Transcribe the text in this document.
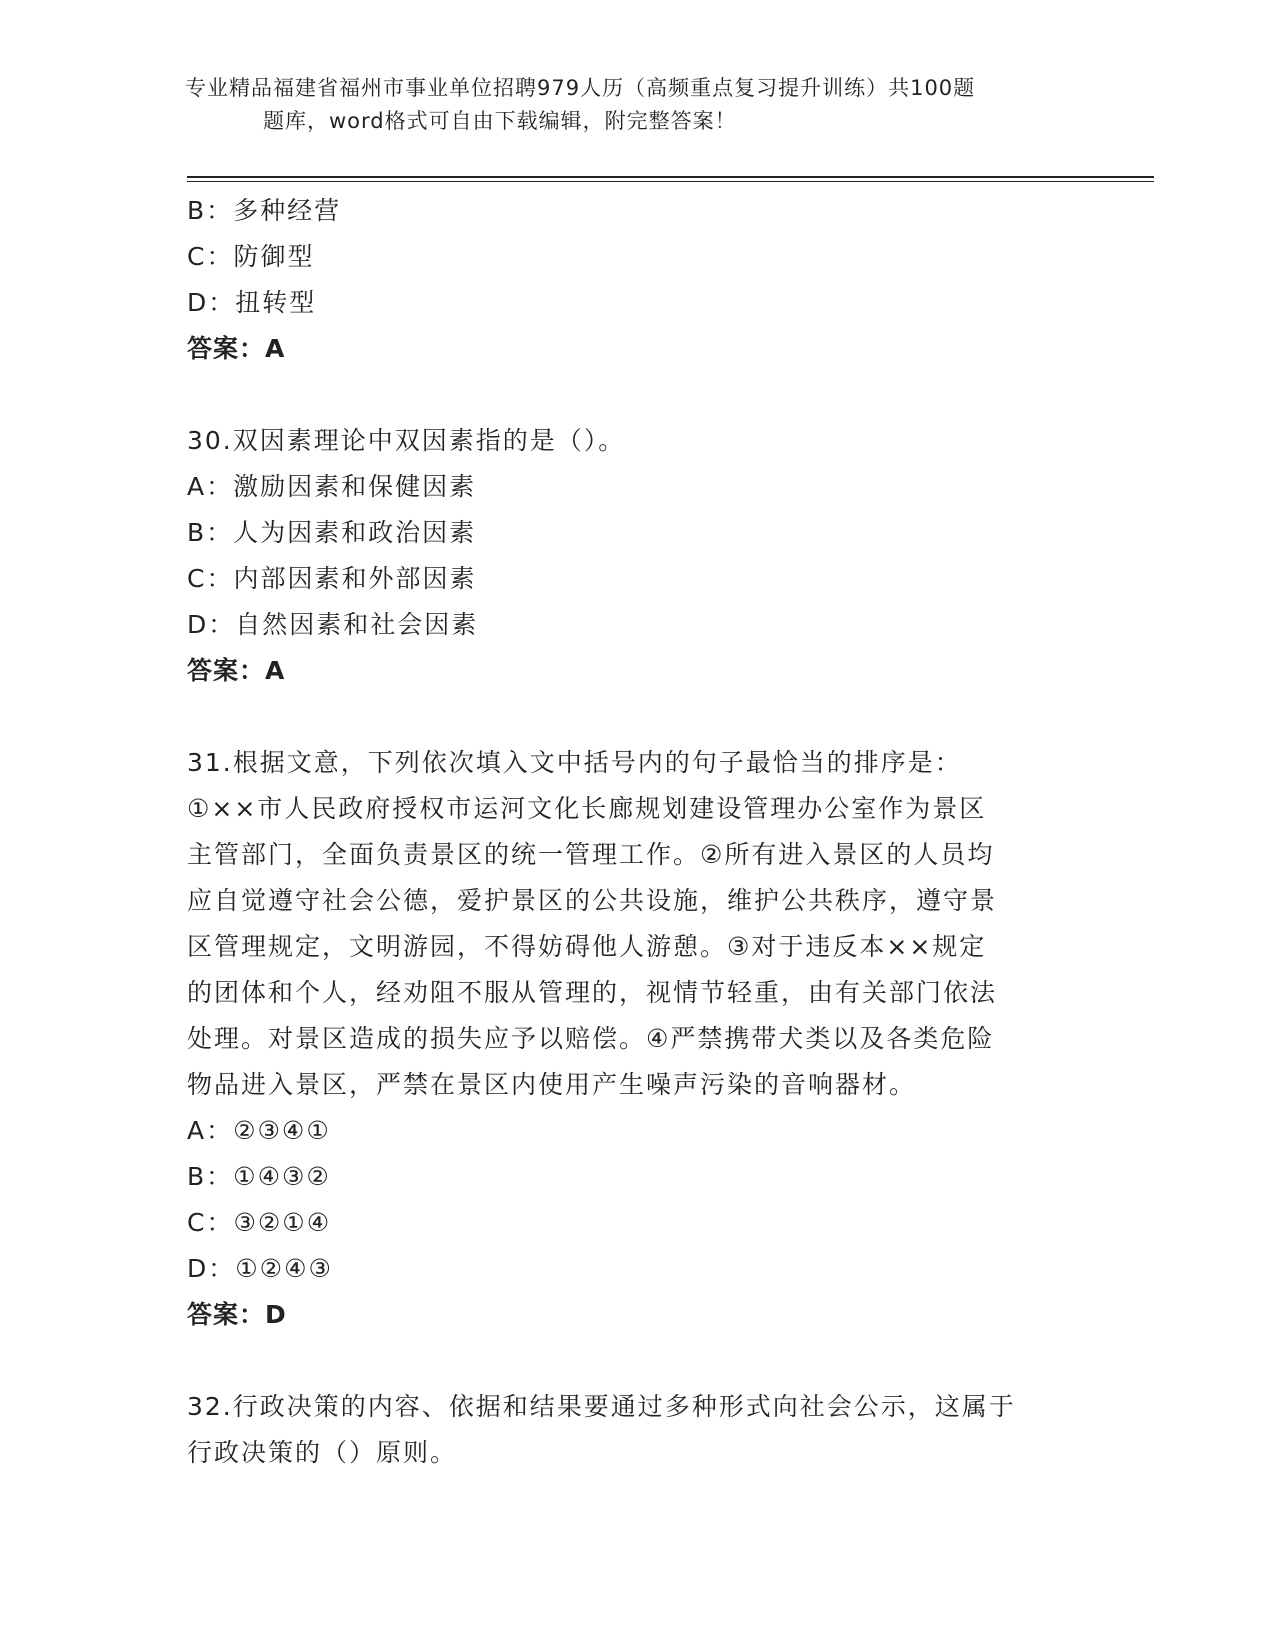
专业精品福建省福州市事业单位招聘979人历（高频重点复习提升训练）共100题
题库，word格式可自由下载编辑，附完整答案！
B：多种经营
C：防御型
D：扭转型
答案：A
30.双因素理论中双因素指的是（）。
A：激励因素和保健因素
B：人为因素和政治因素
C：内部因素和外部因素
D：自然因素和社会因素
答案：A
31.根据文意，下列依次填入文中括号内的句子最恰当的排序是：
①××市人民政府授权市运河文化长廊规划建设管理办公室作为景区
主管部门，全面负责景区的统一管理工作。②所有进入景区的人员均
应自觉遵守社会公德，爱护景区的公共设施，维护公共秩序，遵守景
区管理规定，文明游园，不得妨碍他人游憩。③对于违反本××规定
的团体和个人，经劝阻不服从管理的，视情节轻重，由有关部门依法
处理。对景区造成的损失应予以赔偿。④严禁携带犬类以及各类危险
物品进入景区，严禁在景区内使用产生噪声污染的音响器材。
A：②③④①
B：①④③②
C：③②①④
D：①②④③
答案：D
32.行政决策的内容、依据和结果要通过多种形式向社会公示，这属于
行政决策的（）原则。
